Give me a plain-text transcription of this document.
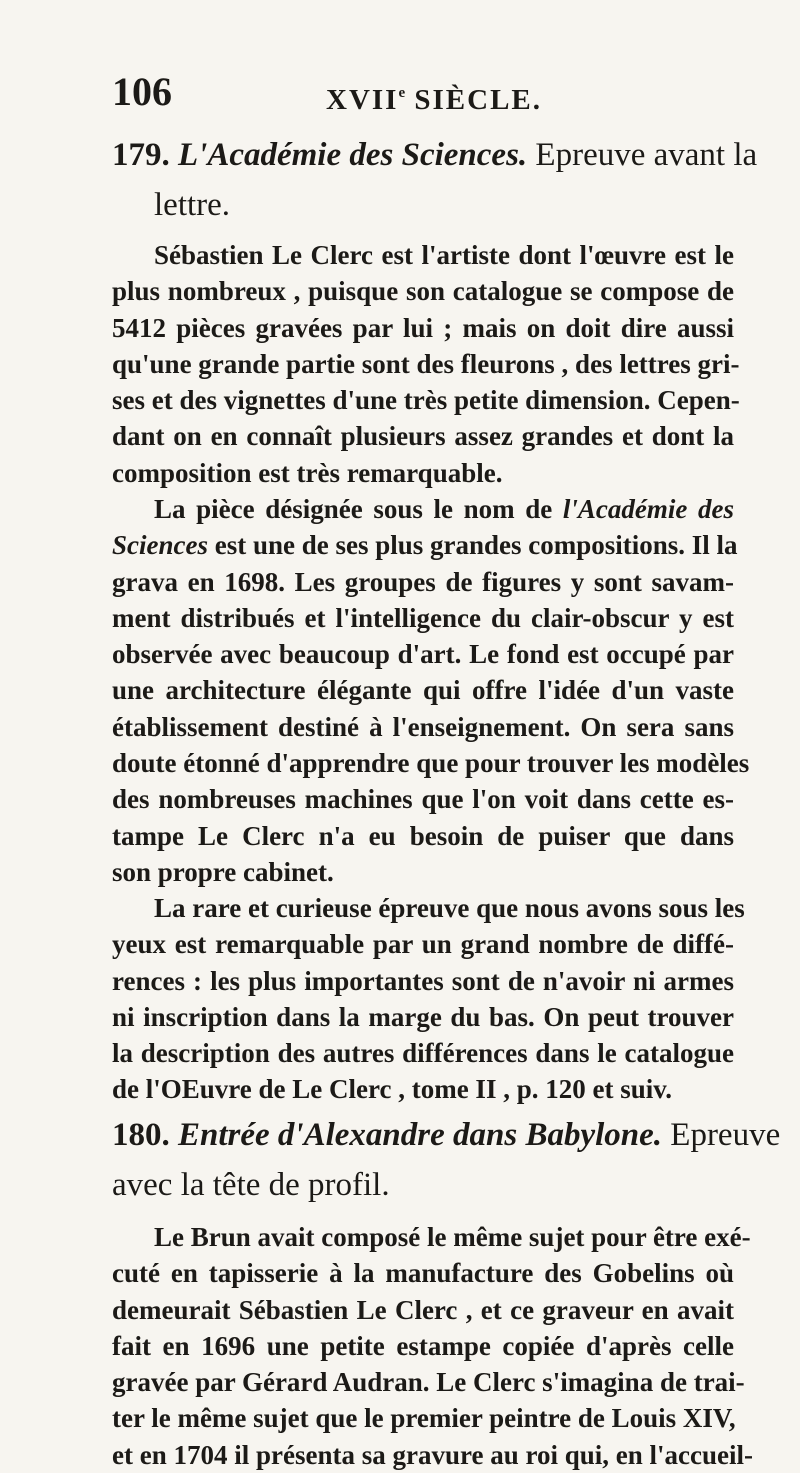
106	XVIIe SIÈCLE.
179. L'Académie des Sciences. Epreuve avant la
lettre.
Sébastien Le Clerc est l'artiste dont l'œuvre est le
plus nombreux , puisque son catalogue se compose de
5412 pièces gravées par lui ; mais on doit dire aussi
qu'une grande partie sont des fleurons , des lettres gri-
ses et des vignettes d'une très petite dimension. Cepen-
dant on en connaît plusieurs assez grandes et dont la
composition est très remarquable.
La pièce désignée sous le nom de l'Académie des
Sciences est une de ses plus grandes compositions. Il la
grava en 1698. Les groupes de figures y sont savam-
ment distribués et l'intelligence du clair-obscur y est
observée avec beaucoup d'art. Le fond est occupé par
une architecture élégante qui offre l'idée d'un vaste
établissement destiné à l'enseignement. On sera sans
doute étonné d'apprendre que pour trouver les modèles
des nombreuses machines que l'on voit dans cette es-
tampe Le Clerc n'a eu besoin de puiser que dans
son propre cabinet.
La rare et curieuse épreuve que nous avons sous les
yeux est remarquable par un grand nombre de diffé-
rences : les plus importantes sont de n'avoir ni armes
ni inscription dans la marge du bas. On peut trouver
la description des autres différences dans le catalogue
de l'OEuvre de Le Clerc , tome II , p. 120 et suiv.
180. Entrée d'Alexandre dans Babylone. Epreuve
avec la tête de profil.
Le Brun avait composé le même sujet pour être exé-
cuté en tapisserie à la manufacture des Gobelins où
demeurait Sébastien Le Clerc , et ce graveur en avait
fait en 1696 une petite estampe copiée d'après celle
gravée par Gérard Audran. Le Clerc s'imagina de trai-
ter le même sujet que le premier peintre de Louis XIV,
et en 1704 il présenta sa gravure au roi qui, en l'accueil-
